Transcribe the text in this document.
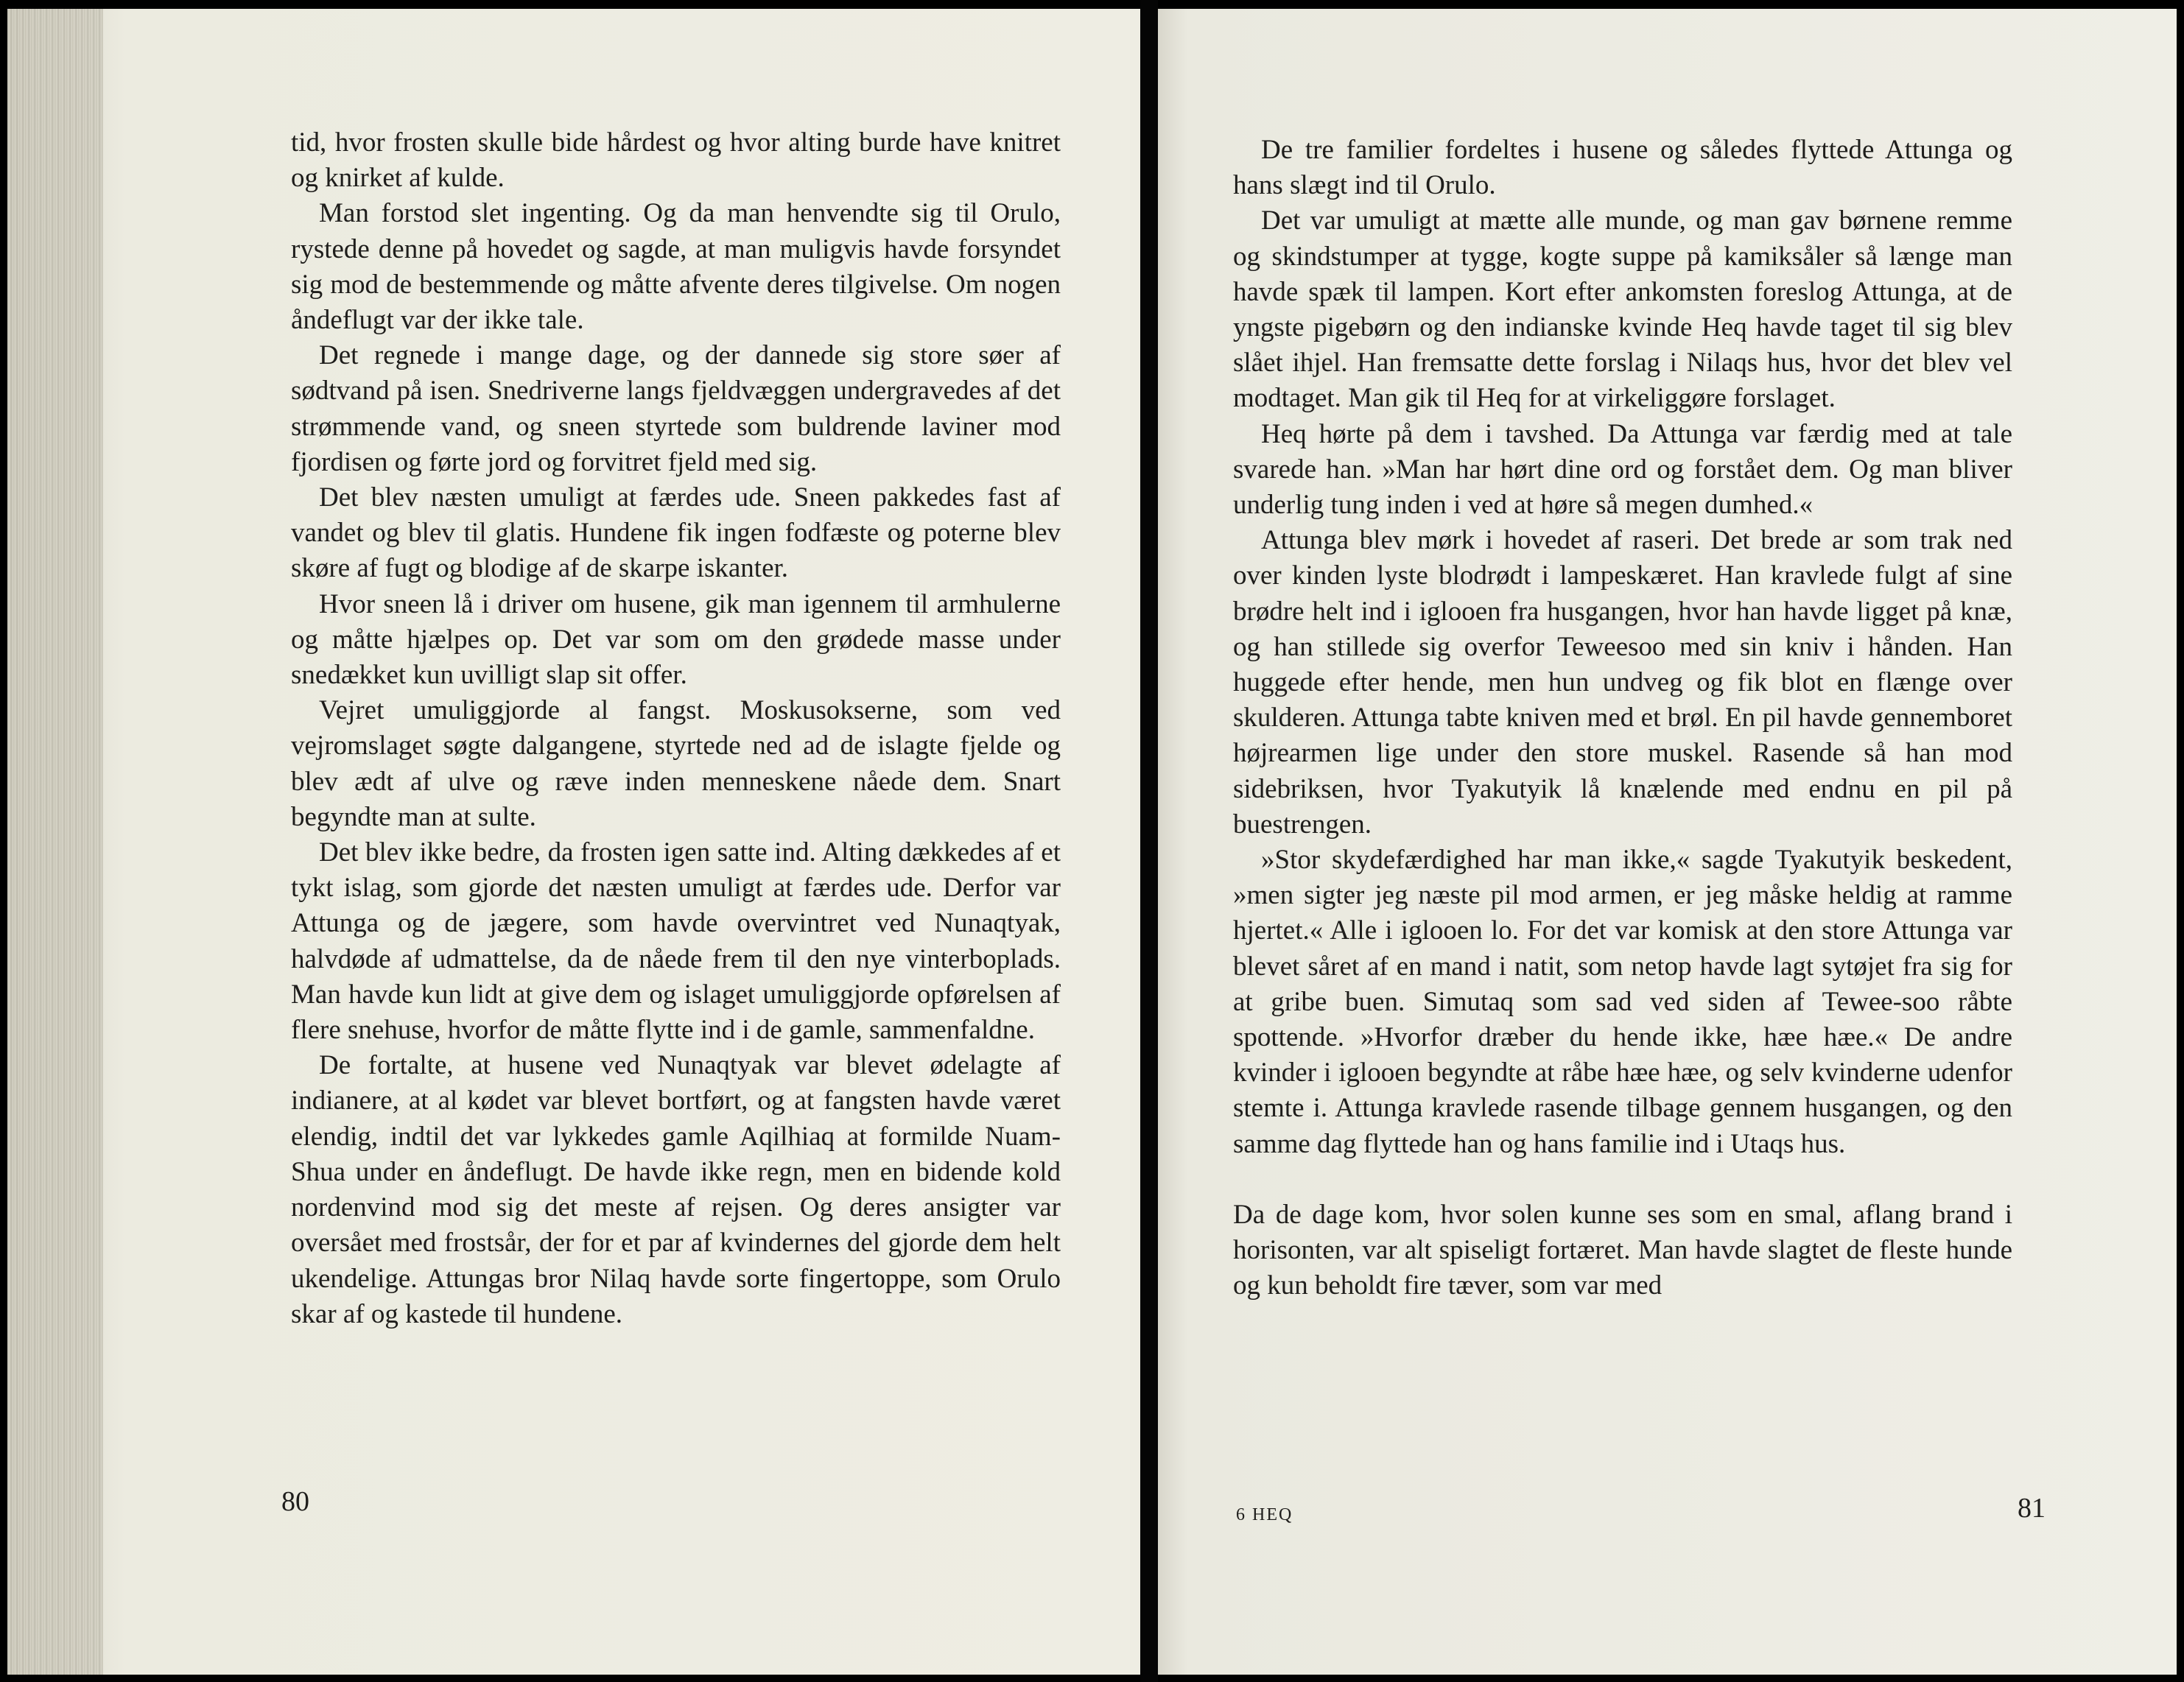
tid, hvor frosten skulle bide hårdest og hvor alting burde have knitret og knirket af kulde.

Man forstod slet ingenting. Og da man henvendte sig til Orulo, rystede denne på hovedet og sagde, at man muligvis havde forsyndet sig mod de bestemmende og måtte afvente deres tilgivelse. Om nogen åndeflugt var der ikke tale.

Det regnede i mange dage, og der dannede sig store søer af sødtvand på isen. Snedriverne langs fjeldvæggen undergravedes af det strømmende vand, og sneen styrtede som buldrende laviner mod fjordisen og førte jord og forvitret fjeld med sig.

Det blev næsten umuligt at færdes ude. Sneen pakkedes fast af vandet og blev til glatis. Hundene fik ingen fodfæste og poterne blev skøre af fugt og blodige af de skarpe iskanter.

Hvor sneen lå i driver om husene, gik man igennem til armhulerne og måtte hjælpes op. Det var som om den grødede masse under snedækket kun uvilligt slap sit offer.

Vejret umuliggjorde al fangst. Moskusokserne, som ved vejromslaget søgte dalgangene, styrtede ned ad de islagte fjelde og blev ædt af ulve og ræve inden menneskene nåede dem. Snart begyndte man at sulte.

Det blev ikke bedre, da frosten igen satte ind. Alting dækkedes af et tykt islag, som gjorde det næsten umuligt at færdes ude. Derfor var Attunga og de jægere, som havde overvintret ved Nunaqtyak, halvdøde af udmattelse, da de nåede frem til den nye vinterboplads. Man havde kun lidt at give dem og islaget umuliggjorde opførelsen af flere snehuse, hvorfor de måtte flytte ind i de gamle, sammenfaldne.

De fortalte, at husene ved Nunaqtyak var blevet ødelagte af indianere, at al kødet var blevet bortført, og at fangsten havde været elendig, indtil det var lykkedes gamle Aqilhiaq at formilde Nuam-Shua under en åndeflugt. De havde ikke regn, men en bidende kold nordenvind mod sig det meste af rejsen. Og deres ansigter var oversået med frostsår, der for et par af kvindernes del gjorde dem helt ukendelige. Attungas bror Nilaq havde sorte fingertoppe, som Orulo skar af og kastede til hundene.

80

De tre familier fordeltes i husene og således flyttede Attunga og hans slægt ind til Orulo.

Det var umuligt at mætte alle munde, og man gav børnene remme og skindstumper at tygge, kogte suppe på kamiksåler så længe man havde spæk til lampen. Kort efter ankomsten foreslog Attunga, at de yngste pigebørn og den indianske kvinde Heq havde taget til sig blev slået ihjel. Han fremsatte dette forslag i Nilaqs hus, hvor det blev vel modtaget. Man gik til Heq for at virkeliggøre forslaget.

Heq hørte på dem i tavshed. Da Attunga var færdig med at tale svarede han. »Man har hørt dine ord og forstået dem. Og man bliver underlig tung inden i ved at høre så megen dumhed.«

Attunga blev mørk i hovedet af raseri. Det brede ar som trak ned over kinden lyste blodrødt i lampeskæret. Han kravlede fulgt af sine brødre helt ind i iglooen fra husgangen, hvor han havde ligget på knæ, og han stillede sig overfor Teweesoo med sin kniv i hånden. Han huggede efter hende, men hun undveg og fik blot en flænge over skulderen. Attunga tabte kniven med et brøl. En pil havde gennemboret højrearmen lige under den store muskel. Rasende så han mod sidebriksen, hvor Tyakutyik lå knælende med endnu en pil på buestrengen.

»Stor skydefærdighed har man ikke,« sagde Tyakutyik beskedent, »men sigter jeg næste pil mod armen, er jeg måske heldig at ramme hjertet.« Alle i iglooen lo. For det var komisk at den store Attunga var blevet såret af en mand i natit, som netop havde lagt sytøjet fra sig for at gribe buen. Simutaq som sad ved siden af Tewee-soo råbte spottende. »Hvorfor dræber du hende ikke, hæe hæe.« De andre kvinder i iglooen begyndte at råbe hæe hæe, og selv kvinderne udenfor stemte i. Attunga kravlede rasende tilbage gennem husgangen, og den samme dag flyttede han og hans familie ind i Utaqs hus.

Da de dage kom, hvor solen kunne ses som en smal, aflang brand i horisonten, var alt spiseligt fortæret. Man havde slagtet de fleste hunde og kun beholdt fire tæver, som var med

6 HEQ	81
